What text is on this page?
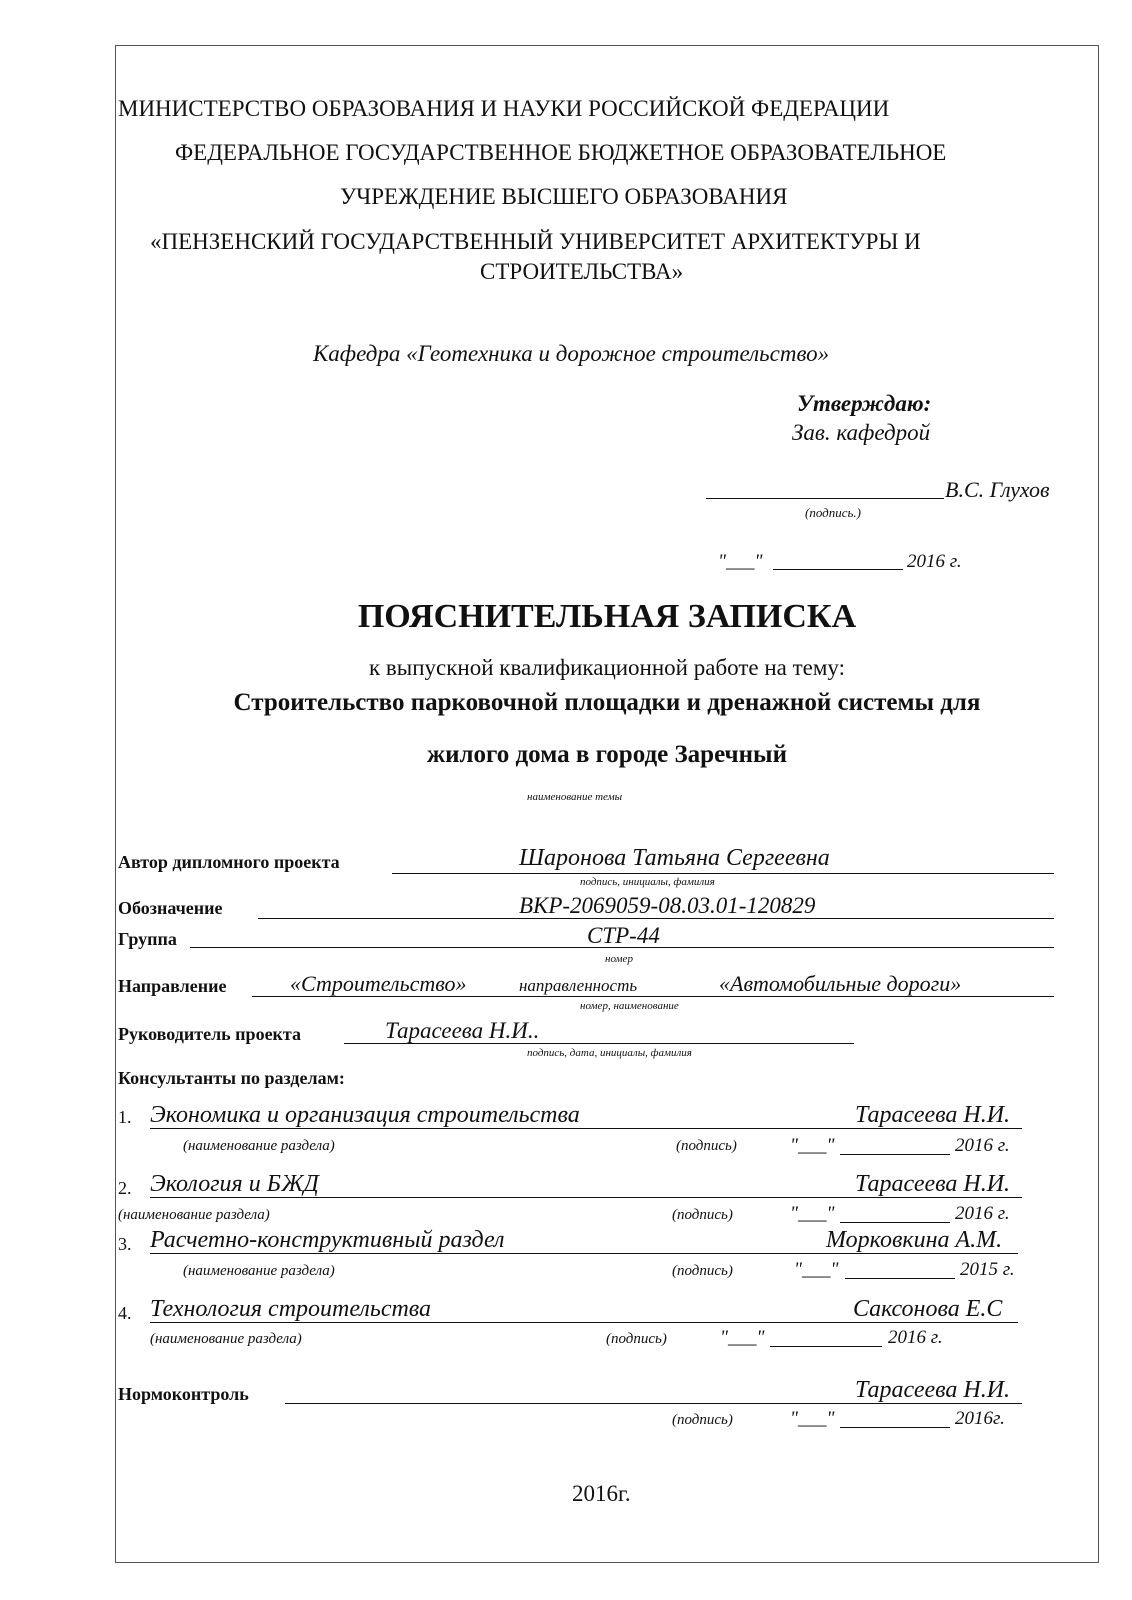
МИНИСТЕРСТВО ОБРАЗОВАНИЯ И НАУКИ РОССИЙСКОЙ ФЕДЕРАЦИИ
ФЕДЕРАЛЬНОЕ ГОСУДАРСТВЕННОЕ БЮДЖЕТНОЕ ОБРАЗОВАТЕЛЬНОЕ
УЧРЕЖДЕНИЕ ВЫСШЕГО ОБРАЗОВАНИЯ
«ПЕНЗЕНСКИЙ ГОСУДАРСТВЕННЫЙ УНИВЕРСИТЕТ АРХИТЕКТУРЫ И
СТРОИТЕЛЬСТВА»
Кафедра «Геотехника и дорожное строительство»
Утверждаю:
Зав. кафедрой
В.С. Глухов
(подпись.)
"___"	2016 г.
ПОЯСНИТЕЛЬНАЯ ЗАПИСКА
к выпускной квалификационной работе на тему:
Строительство парковочной площадки и дренажной системы для
жилого дома в городе Заречный
наименование темы
Автор дипломного проекта	Шаронова Татьяна Сергеевна
подпись, инициалы, фамилия
Обозначение	ВКР-2069059-08.03.01-120829
Группа	СТР-44
номер
Направление	«Строительство»	направленность	«Автомобильные дороги»
номер, наименование
Руководитель проекта	Тарасеева Н.И..
подпись, дата, инициалы, фамилия
Консультанты по разделам:
1. Экономика и организация строительства	Тарасеева Н.И.
(наименование раздела)	(подпись)	"___"	2016 г.
2. Экология и БЖД	Тарасеева Н.И.
(наименование раздела)	(подпись)	"___"	2016 г.
3. Расчетно-конструктивный раздел	Морковкина А.М.
(наименование раздела)	(подпись)	"___"	2015 г.
4. Технология строительства	Саксонова Е.С
(наименование раздела)	(подпись)	"___"	2016 г.
Нормоконтроль	Тарасеева Н.И.
(подпись)	"___"	2016г.
2016г.
